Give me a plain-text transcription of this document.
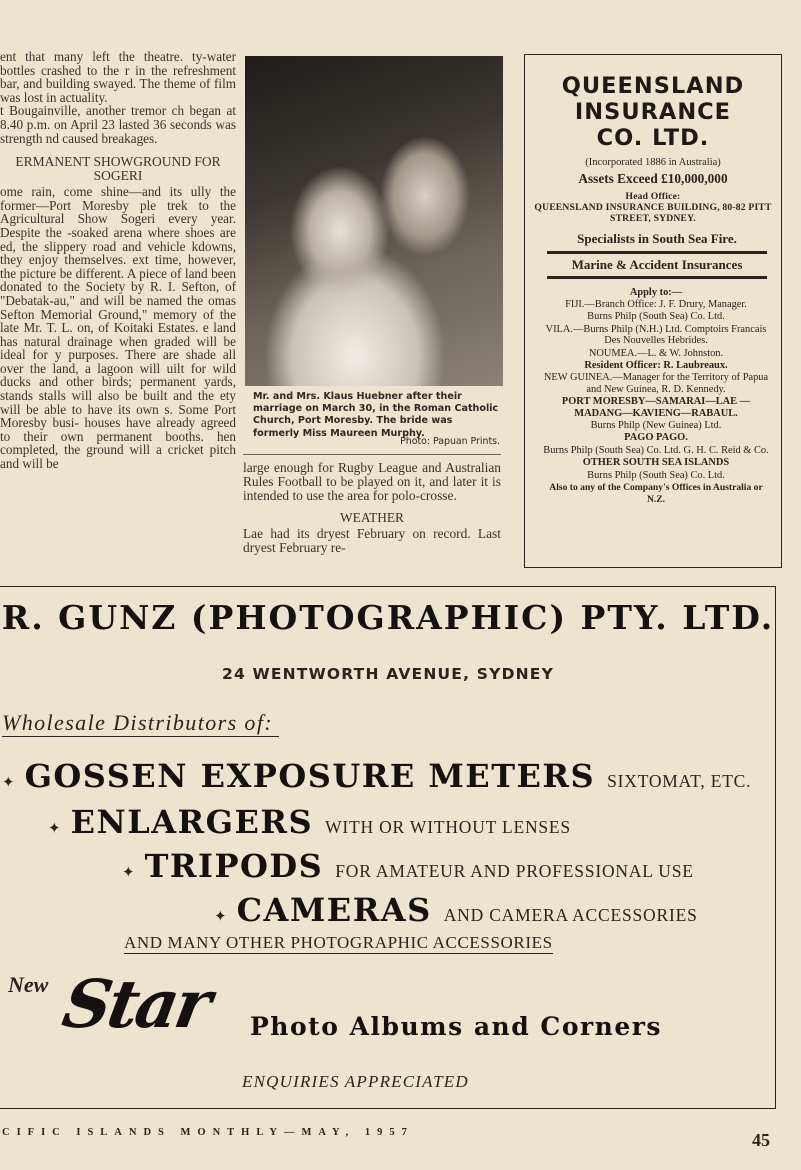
ent that many left the theatre. ty-water bottles crashed to the r in the refreshment bar, and building swayed. The theme of film was lost in actuality.

t Bougainville, another tremor ch began at 8.40 p.m. on April 23 lasted 36 seconds was strength nd caused breakages.

ERMANENT SHOWGROUND FOR SOGERI

ome rain, come shine—and its ully the former—Port Moresby ple trek to the Agricultural Show Sogeri every year. Despite the -soaked arena where shoes are ed, the slippery road and vehicle kdowns, they enjoy themselves. ext time, however, the picture be different. A piece of land been donated to the Society by R. I. Sefton, of "Debatak-au," and will be named the omas Sefton Memorial Ground," memory of the late Mr. T. L. on, of Koitaki Estates. e land has natural drainage when graded will be ideal for y purposes. There are shade all over the land, a lagoon will uilt for wild ducks and other birds; permanent yards, stands stalls will also be built and the ety will be able to have its own s. Some Port Moresby busi- houses have already agreed to their own permanent booths. hen completed, the ground will a cricket pitch and will be

Mr. and Mrs. Klaus Huebner after their marriage on March 30, in the Roman Catholic Church, Port Moresby. The bride was formerly Miss Maureen Murphy.
Photo: Papuan Prints.

large enough for Rugby League and Australian Rules Football to be played on it, and later it is intended to use the area for polo-crosse.

WEATHER

Lae had its dryest February on record. Last dryest February re-

QUEENSLAND
INSURANCE
CO. LTD.
(Incorporated 1886 in Australia)
Assets Exceed £10,000,000
Head Office:
QUEENSLAND INSURANCE BUILDING, 80-82 PITT STREET, SYDNEY.
Specialists in South Sea Fire.
Marine & Accident Insurances
Apply to:—
FIJI.—Branch Office: J. F. Drury, Manager.
Burns Philp (South Sea) Co. Ltd.
VILA.—Burns Philp (N.H.) Ltd. Comptoirs Francais Des Nouvelles Hebrides.
NOUMEA.—L. & W. Johnston.
Resident Officer: R. Laubreaux.
NEW GUINEA.—Manager for the Territory of Papua and New Guinea, R. D. Kennedy.
PORT MORESBY—SAMARAI—LAE —MADANG—KAVIENG—RABAUL.
Burns Philp (New Guinea) Ltd.
PAGO PAGO.
Burns Philp (South Sea) Co. Ltd. G. H. C. Reid & Co.
OTHER SOUTH SEA ISLANDS
Burns Philp (South Sea) Co. Ltd.
Also to any of the Company's Offices in Australia or N.Z.
R. GUNZ (PHOTOGRAPHIC) PTY. LTD.
24 WENTWORTH AVENUE, SYDNEY
Wholesale Distributors of:
✦ GOSSEN EXPOSURE METERS SIXTOMAT, ETC.
✦ ENLARGERS WITH OR WITHOUT LENSES
✦ TRIPODS FOR AMATEUR AND PROFESSIONAL USE
✦ CAMERAS AND CAMERA ACCESSORIES
AND MANY OTHER PHOTOGRAPHIC ACCESSORIES
New Star Photo Albums and Corners
ENQUIRIES APPRECIATED
CIFIC ISLANDS MONTHLY—MAY, 1957	45
